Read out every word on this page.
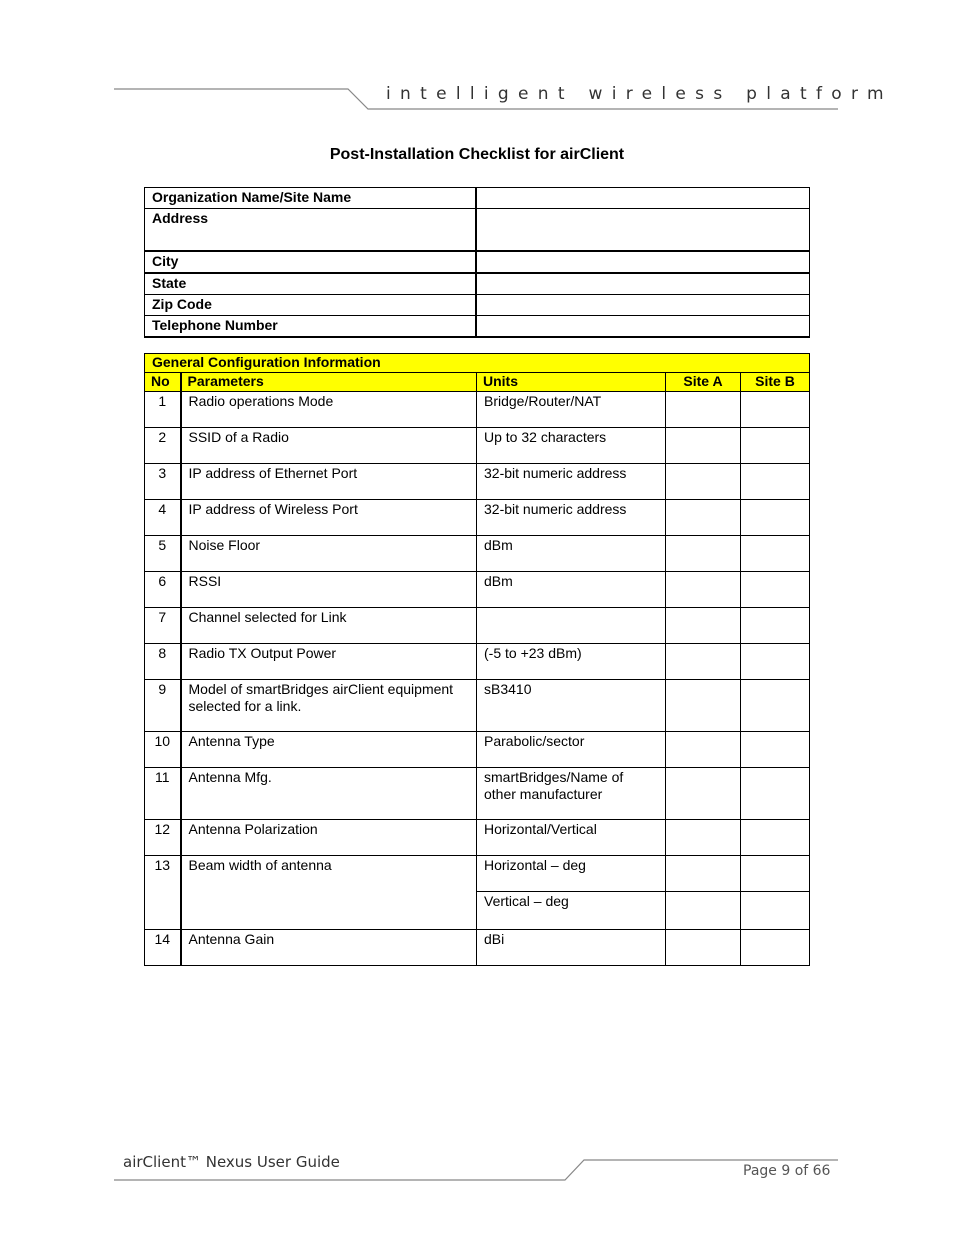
intelligent wireless platform
Post-Installation Checklist for airClient
Organization Name/Site Name	
Address	
City	
State	
Zip Code	
Telephone Number	
General Configuration Information				
No	Parameters	Units	Site A	Site B
1	Radio operations Mode	Bridge/Router/NAT		
2	SSID of a Radio	Up to 32 characters		
3	IP address of Ethernet Port	32-bit numeric address		
4	IP address of Wireless Port	32-bit numeric address		
5	Noise Floor	dBm		
6	RSSI	dBm		
7	Channel selected for Link			
8	Radio TX Output Power	(-5 to +23 dBm)		
9	Model of smartBridges airClient equipment selected for a link.	sB3410		
10	Antenna Type	Parabolic/sector		
11	Antenna Mfg.	smartBridges/Name of other manufacturer		
12	Antenna Polarization	Horizontal/Vertical		
13	Beam width of antenna	Horizontal – deg		
		Vertical – deg		
14	Antenna Gain	dBi		
airClient™ Nexus User Guide	Page 9 of 66
